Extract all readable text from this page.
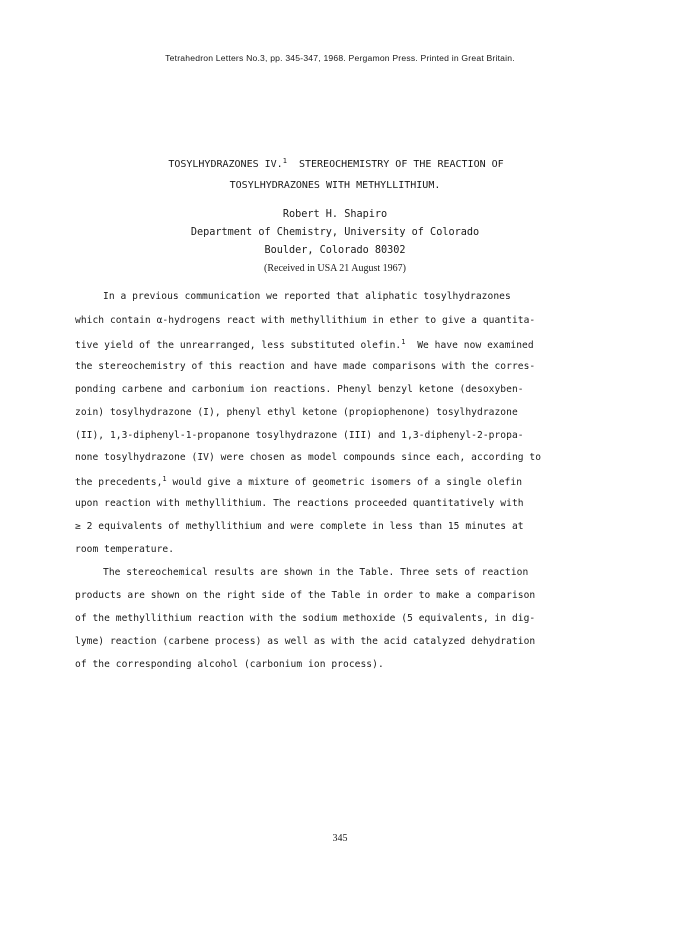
Tetrahedron Letters No.3, pp. 345-347, 1968. Pergamon Press. Printed in Great Britain.
TOSYLHYDRAZONES IV.$^1$ STEREOCHEMISTRY OF THE REACTION OF
TOSYLHYDRAZONES WITH METHYLLITHIUM.
Robert H. Shapiro
Department of Chemistry, University of Colorado
Boulder, Colorado 80302
(Received in USA 21 August 1967)
In a previous communication we reported that aliphatic tosylhydrazones
which contain α-hydrogens react with methyllithium in ether to give a quantita-
tive yield of the unrearranged, less substituted olefin.$^1$ We have now examined
the stereochemistry of this reaction and have made comparisons with the corres-
ponding carbene and carbonium ion reactions. Phenyl benzyl ketone (desoxyben-
zoin) tosylhydrazone (I), phenyl ethyl ketone (propiophenone) tosylhydrazone
(II), 1,3-diphenyl-1-propanone tosylhydrazone (III) and 1,3-diphenyl-2-propa-
none tosylhydrazone (IV) were chosen as model compounds since each, according to
the precedents,$^1$ would give a mixture of geometric isomers of a single olefin
upon reaction with methyllithium. The reactions proceeded quantitatively with
≥ 2 equivalents of methyllithium and were complete in less than 15 minutes at
room temperature.
The stereochemical results are shown in the Table. Three sets of reaction
products are shown on the right side of the Table in order to make a comparison
of the methyllithium reaction with the sodium methoxide (5 equivalents, in dig-
lyme) reaction (carbene process) as well as with the acid catalyzed dehydration
of the corresponding alcohol (carbonium ion process).
345
